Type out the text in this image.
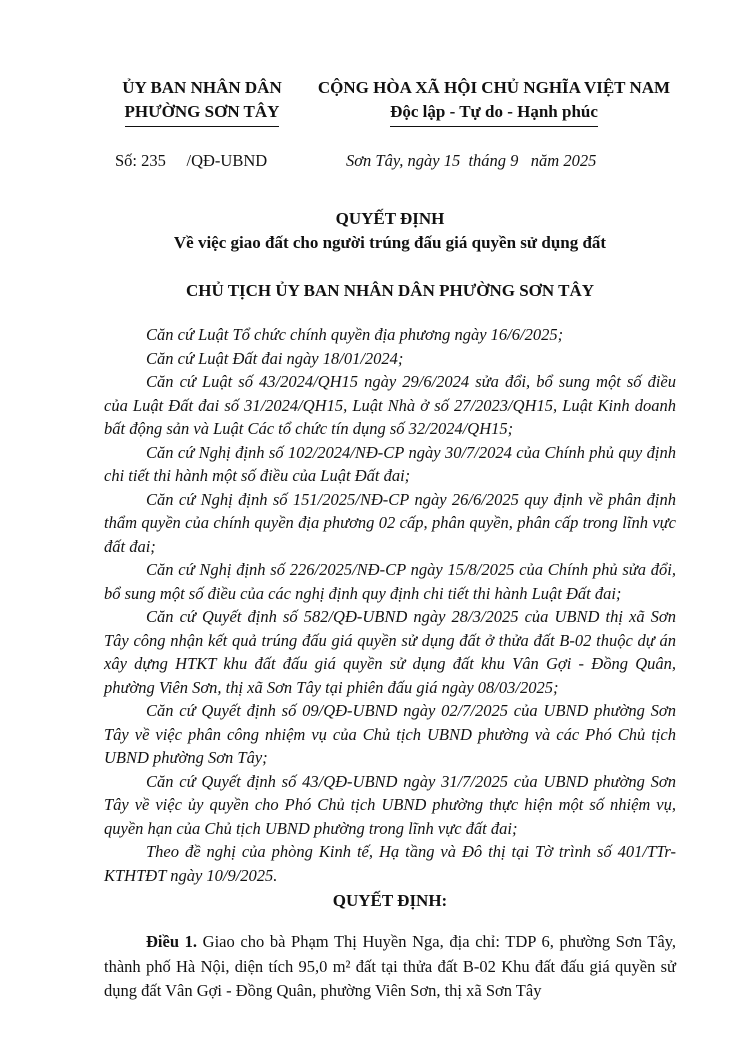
ỦY BAN NHÂN DÂN
PHƯỜNG SƠN TÂY
CỘNG HÒA XÃ HỘI CHỦ NGHĨA VIỆT NAM
Độc lập - Tự do - Hạnh phúc
Số: 235     /QĐ-UBND	Sơn Tây, ngày 15  tháng 9   năm 2025
QUYẾT ĐỊNH
Về việc giao đất cho người trúng đấu giá quyền sử dụng đất
CHỦ TỊCH ỦY BAN NHÂN DÂN PHƯỜNG SƠN TÂY

Căn cứ Luật Tổ chức chính quyền địa phương ngày 16/6/2025;

Căn cứ Luật Đất đai ngày 18/01/2024;

Căn cứ Luật số 43/2024/QH15 ngày 29/6/2024 sửa đổi, bổ sung một số điều của Luật Đất đai số 31/2024/QH15, Luật Nhà ở số 27/2023/QH15, Luật Kinh doanh bất động sản và Luật Các tổ chức tín dụng số 32/2024/QH15;

Căn cứ Nghị định số 102/2024/NĐ-CP ngày 30/7/2024 của Chính phủ quy định chi tiết thi hành một số điều của Luật Đất đai;

Căn cứ Nghị định số 151/2025/NĐ-CP ngày 26/6/2025 quy định về phân định thẩm quyền của chính quyền địa phương 02 cấp, phân quyền, phân cấp trong lĩnh vực đất đai;

Căn cứ Nghị định số 226/2025/NĐ-CP ngày 15/8/2025 của Chính phủ sửa đổi, bổ sung một số điều của các nghị định quy định chi tiết thi hành Luật Đất đai;

Căn cứ Quyết định số 582/QĐ-UBND ngày 28/3/2025 của UBND thị xã Sơn Tây công nhận kết quả trúng đấu giá quyền sử dụng đất ở thửa đất B-02 thuộc dự án xây dựng HTKT khu đất đấu giá quyền sử dụng đất khu Vân Gợi - Đồng Quân, phường Viên Sơn, thị xã Sơn Tây tại phiên đấu giá ngày 08/03/2025;

Căn cứ Quyết định số 09/QĐ-UBND ngày 02/7/2025 của UBND phường Sơn Tây về việc phân công nhiệm vụ của Chủ tịch UBND phường và các Phó Chủ tịch UBND phường Sơn Tây;

Căn cứ Quyết định số 43/QĐ-UBND ngày 31/7/2025 của UBND phường Sơn Tây về việc ủy quyền cho Phó Chủ tịch UBND phường thực hiện một số nhiệm vụ, quyền hạn của Chủ tịch UBND phường trong lĩnh vực đất đai;

Theo đề nghị của phòng Kinh tế, Hạ tầng và Đô thị tại Tờ trình số 401/TTr-KTHTĐT ngày 10/9/2025.

QUYẾT ĐỊNH:

Điều 1. Giao cho bà Phạm Thị Huyền Nga, địa chỉ: TDP 6, phường Sơn Tây, thành phố Hà Nội, diện tích 95,0 m² đất tại thửa đất B-02 Khu đất đấu giá quyền sử dụng đất Vân Gợi - Đồng Quân, phường Viên Sơn, thị xã Sơn Tây
